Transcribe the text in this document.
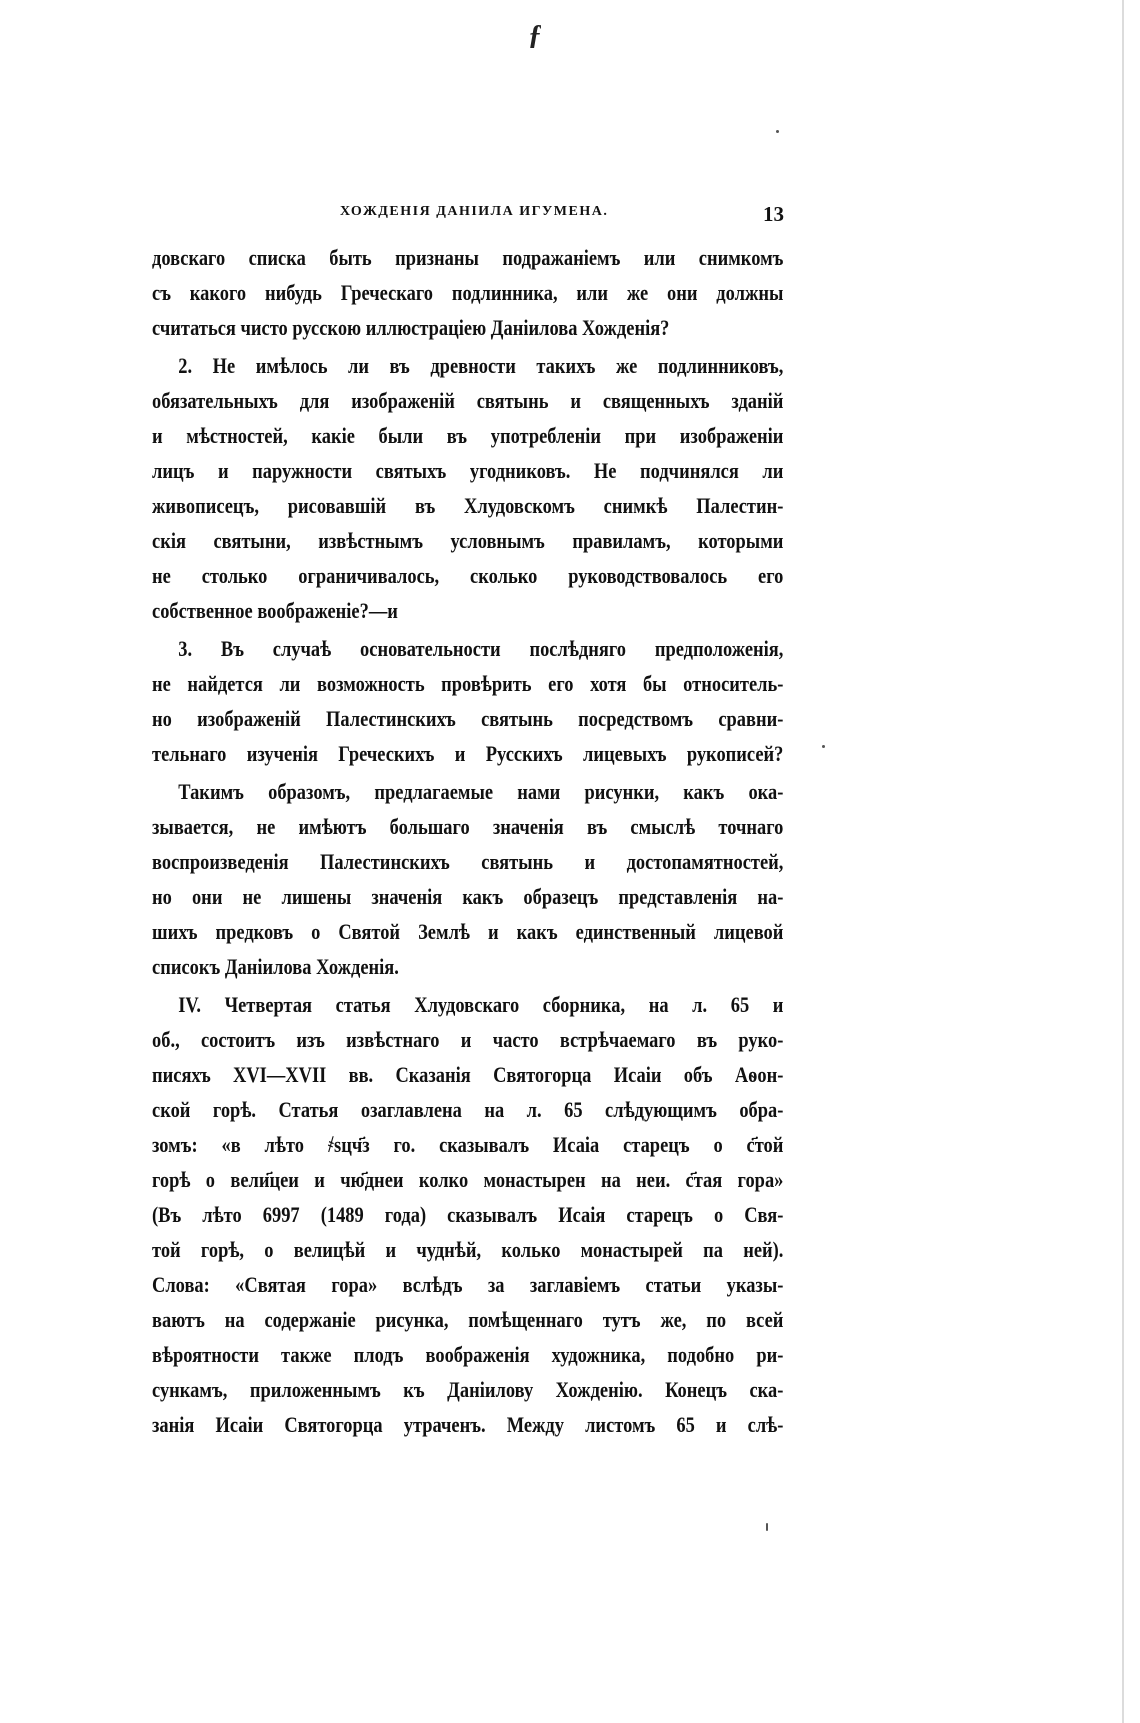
ƒ
ХОЖДЕНІЯ ДАНІИЛА ИГУМЕНА.	13
довскаго списка быть признаны подражаніемъ или снимкомъ
съ какого нибудь Греческаго подлинника, или же они должны
считаться чисто русскою иллюстраціею Даніилова Хожденія?
2. Не имѣлось ли въ древности такихъ же подлинниковъ,
обязательныхъ для изображеній святынь и священныхъ зданій
и мѣстностей, какіе были въ употребленіи при изображеніи
лицъ и паружности святыхъ угодниковъ. Не подчинялся ли
живописецъ, рисовавшій въ Хлудовскомъ снимкѣ Палестин-
скія святыни, извѣстнымъ условнымъ правиламъ, которыми
не столько ограничивалось, сколько руководствовалось его
собственное воображеніе?—и
3. Въ случаѣ основательности послѣдняго предположенія,
не найдется ли возможность провѣрить его хотя бы относитель-
но изображеній Палестинскихъ святынь посредствомъ сравни-
тельнаго изученія Греческихъ и Русскихъ лицевыхъ рукописей?
Такимъ образомъ, предлагаемые нами рисунки, какъ ока-
зывается, не имѣютъ большаго значенія въ смыслѣ точнаго
воспроизведенія Палестинскихъ святынь и достопамятностей,
но они не лишены значенія какъ образецъ представленія на-
шихъ предковъ о Святой Землѣ и какъ единственный лицевой
списокъ Даніилова Хожденія.
IV. Четвертая статья Хлудовскаго сборника, на л. 65 и
об., состоитъ изъ извѣстнаго и часто встрѣчаемаго въ руко-
писяхъ XVI—XVII вв. Сказанія Святогорца Исаіи объ Аѳон-
ской горѣ. Статья озаглавлена на л. 65 слѣдующимъ обра-
зомъ: «в лѣто ҂ѕцч҃з го. сказывалъ Исаіа старецъ о с҃той
горѣ о вели҃цеи и чю҃днеи колко монастырен на неи. с҃тая гора»
(Въ лѣто 6997 (1489 года) сказывалъ Исаія старецъ о Свя-
той горѣ, о велицѣй и чуднѣй, колько монастырей па ней).
Слова: «Святая гора» вслѣдъ за заглавіемъ статьи указы-
ваютъ на содержаніе рисунка, помѣщеннаго тутъ же, по всей
вѣроятности также плодъ воображенія художника, подобно ри-
сункамъ, приложеннымъ къ Даніилову Хожденію. Конецъ ска-
занія Исаіи Святогорца утраченъ. Между листомъ 65 и слѣ-
